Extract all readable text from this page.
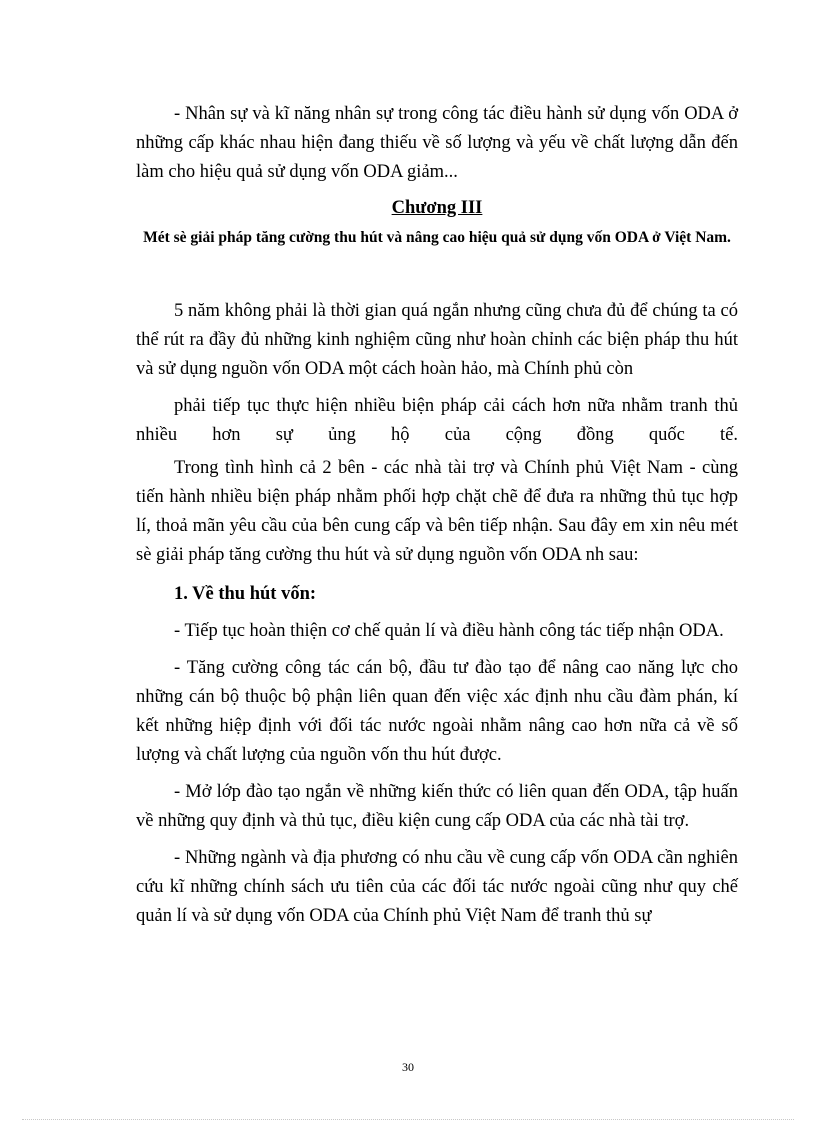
- Nhân sự và kĩ năng nhân sự trong công tác điều hành sử dụng vốn ODA ở những cấp khác nhau hiện đang thiếu về số lượng và yếu về chất lượng dẫn đến làm cho hiệu quả sử dụng vốn ODA giảm...

Chương III
Mét sè giải pháp tăng cường thu hút và nâng cao hiệu quả sử dụng vốn ODA ở Việt Nam.

5 năm không phải là thời gian quá ngắn nhưng cũng chưa đủ để chúng ta có thể rút ra đầy đủ những kinh nghiệm cũng như hoàn chỉnh các biện pháp thu hút và sử dụng nguồn vốn ODA một cách hoàn hảo, mà Chính phủ còn

phải tiếp tục thực hiện nhiều biện pháp cải cách hơn nữa nhằm tranh thủ nhiều hơn sự ủng hộ của cộng đồng quốc tế.

Trong tình hình cả 2 bên - các nhà tài trợ và Chính phủ Việt Nam - cùng tiến hành nhiều biện pháp nhằm phối hợp chặt chẽ để đưa ra những thủ tục hợp lí, thoả mãn yêu cầu của bên cung cấp và bên tiếp nhận. Sau đây em xin nêu mét sè giải pháp tăng cường thu hút và sử dụng nguồn vốn ODA nh sau:

1. Về thu hút vốn:

- Tiếp tục hoàn thiện cơ chế quản lí và điều hành công tác tiếp nhận ODA.

- Tăng cường công tác cán bộ, đầu tư đào tạo để nâng cao năng lực cho những cán bộ thuộc bộ phận liên quan đến việc xác định nhu cầu đàm phán, kí kết những hiệp định với đối tác nước ngoài nhằm nâng cao hơn nữa cả về số lượng và chất lượng của nguồn vốn thu hút được.

- Mở lớp đào tạo ngắn về những kiến thức có liên quan đến ODA, tập huấn về những quy định và thủ tục, điều kiện cung cấp ODA của các nhà tài trợ.

- Những ngành và địa phương có nhu cầu về cung cấp vốn ODA cần nghiên cứu kĩ những chính sách ưu tiên của các đối tác nước ngoài cũng như quy chế quản lí và sử dụng vốn ODA của Chính phủ Việt Nam để tranh thủ sự

30
